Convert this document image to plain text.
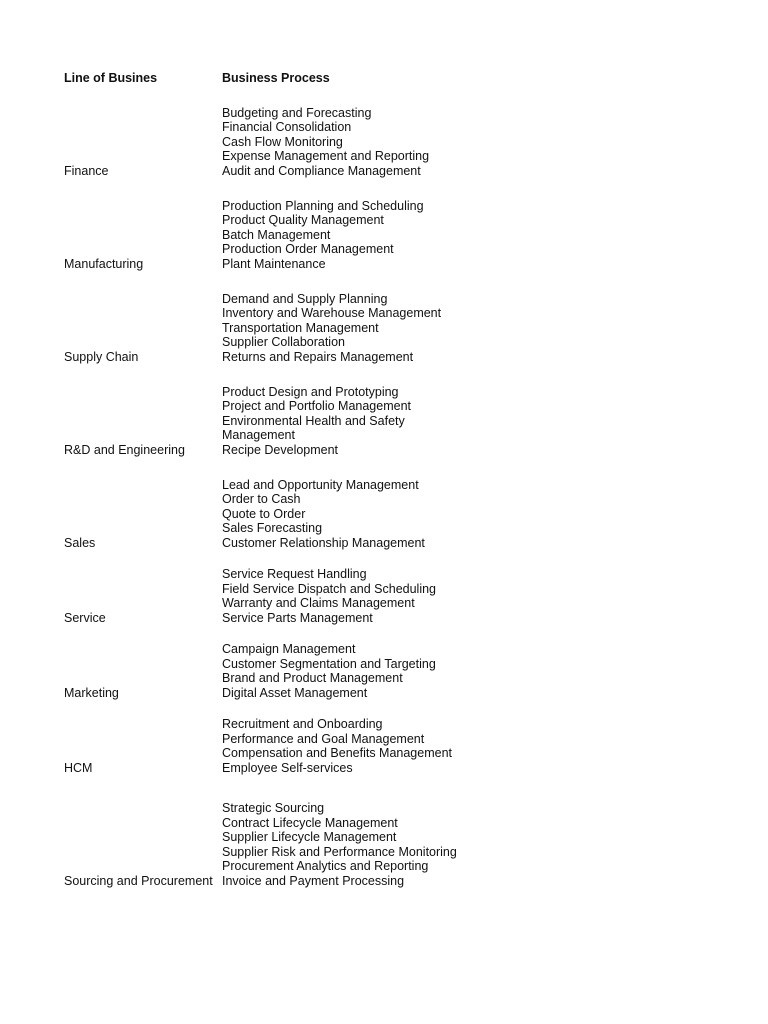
Line of Busines	Business Process
Finance
Budgeting and Forecasting
Financial Consolidation
Cash Flow Monitoring
Expense Management and Reporting
Audit and Compliance Management
Manufacturing
Production Planning and Scheduling
Product Quality Management
Batch Management
Production Order Management
Plant Maintenance
Supply Chain
Demand and Supply Planning
Inventory and Warehouse Management
Transportation Management
Supplier Collaboration
Returns and Repairs Management
R&D and Engineering
Product Design and Prototyping
Project and Portfolio Management
Environmental Health and Safety
Management
Recipe Development
Sales
Lead and Opportunity Management
Order to Cash
Quote to Order
Sales Forecasting
Customer Relationship Management
Service
Service Request Handling
Field Service Dispatch and Scheduling
Warranty and Claims Management
Service Parts Management
Marketing
Campaign Management
Customer Segmentation and Targeting
Brand and Product Management
Digital Asset Management
HCM
Recruitment and Onboarding
Performance and Goal Management
Compensation and Benefits Management
Employee Self-services
Sourcing and Procurement
Strategic Sourcing
Contract Lifecycle Management
Supplier Lifecycle Management
Supplier Risk and Performance Monitoring
Procurement Analytics and Reporting
Invoice and Payment Processing
